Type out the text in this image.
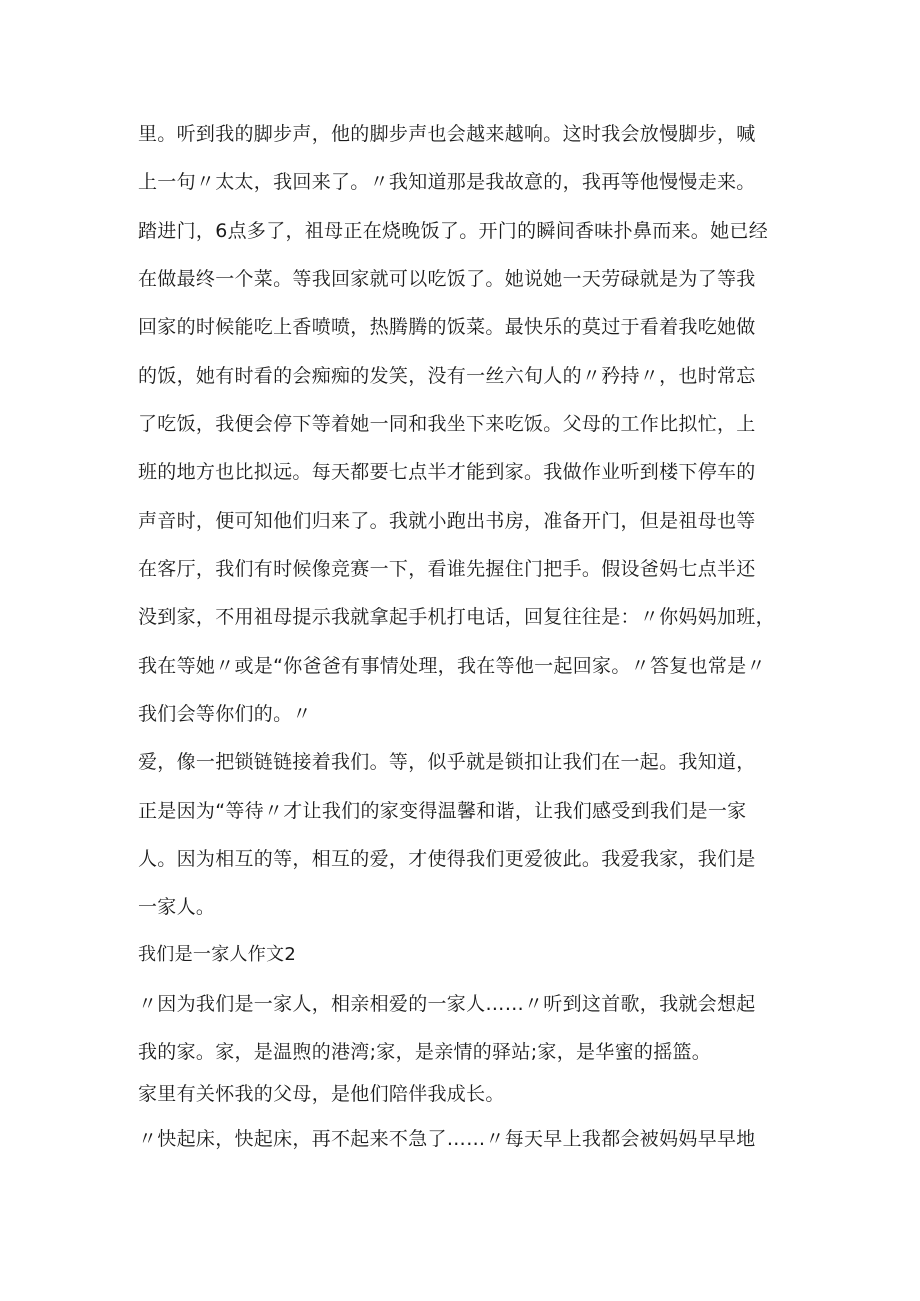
里。听到我的脚步声，他的脚步声也会越来越响。这时我会放慢脚步，喊
上一句〃太太，我回来了。〃我知道那是我故意的，我再等他慢慢走来。
踏进门，6点多了，祖母正在烧晚饭了。开门的瞬间香味扑鼻而来。她已经
在做最终一个菜。等我回家就可以吃饭了。她说她一天劳碌就是为了等我
回家的时候能吃上香喷喷，热腾腾的饭菜。最快乐的莫过于看着我吃她做
的饭，她有时看的会痴痴的发笑，没有一丝六旬人的〃矜持〃，也时常忘
了吃饭，我便会停下等着她一同和我坐下来吃饭。父母的工作比拟忙，上
班的地方也比拟远。每天都要七点半才能到家。我做作业听到楼下停车的
声音时，便可知他们归来了。我就小跑出书房，准备开门，但是祖母也等
在客厅，我们有时候像竞赛一下，看谁先握住门把手。假设爸妈七点半还
没到家，不用祖母提示我就拿起手机打电话，回复往往是：〃你妈妈加班，
我在等她〃或是“你爸爸有事情处理，我在等他一起回家。〃答复也常是〃
我们会等你们的。〃
爱，像一把锁链链接着我们。等，似乎就是锁扣让我们在一起。我知道，
正是因为“等待〃才让我们的家变得温馨和谐，让我们感受到我们是一家
人。因为相互的等，相互的爱，才使得我们更爱彼此。我爱我家，我们是
一家人。
我们是一家人作文2
〃因为我们是一家人，相亲相爱的一家人……〃听到这首歌，我就会想起
我的家。家，是温煦的港湾;家，是亲情的驿站;家，是华蜜的摇篮。
家里有关怀我的父母，是他们陪伴我成长。
〃快起床，快起床，再不起来不急了……〃每天早上我都会被妈妈早早地
